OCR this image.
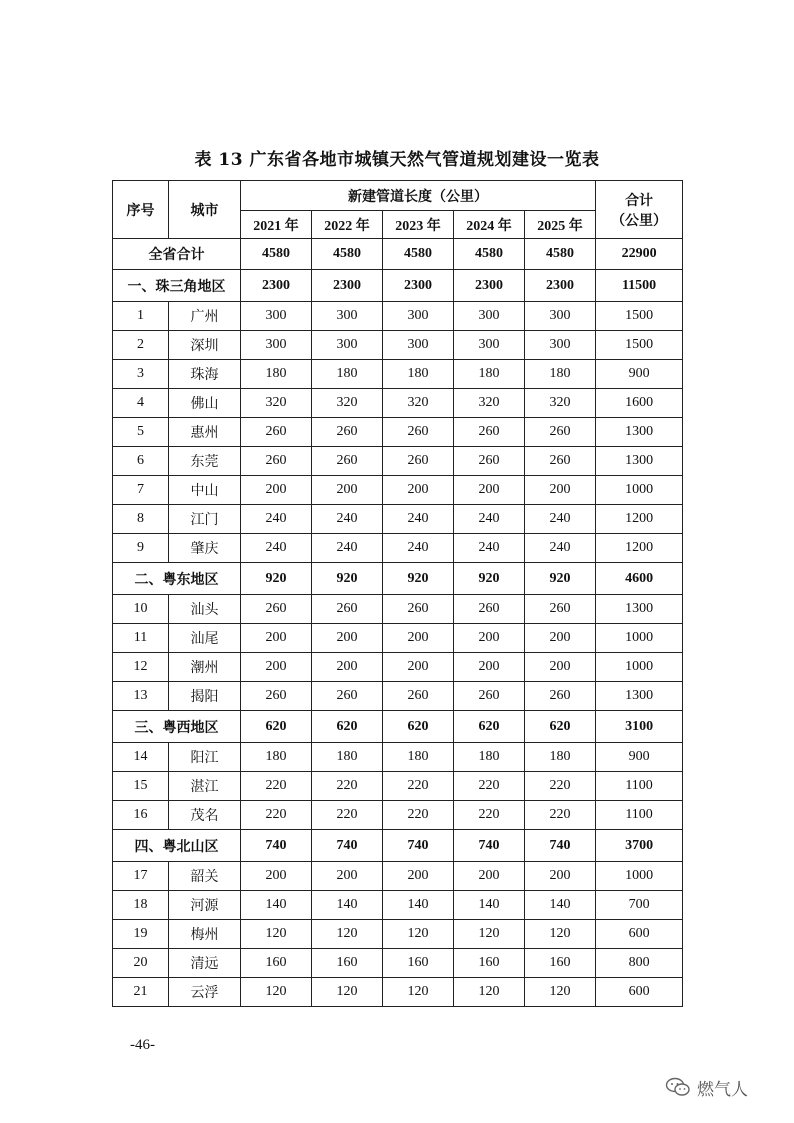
表 13 广东省各地市城镇天然气管道规划建设一览表
序号	城市	新建管道长度（公里）					合计
（公里）
		2021 年	2022 年	2023 年	2024 年	2025 年	
全省合计		4580	4580	4580	4580	4580	22900
一、珠三角地区		2300	2300	2300	2300	2300	11500
1	广州	300	300	300	300	300	1500
2	深圳	300	300	300	300	300	1500
3	珠海	180	180	180	180	180	900
4	佛山	320	320	320	320	320	1600
5	惠州	260	260	260	260	260	1300
6	东莞	260	260	260	260	260	1300
7	中山	200	200	200	200	200	1000
8	江门	240	240	240	240	240	1200
9	肇庆	240	240	240	240	240	1200
二、粤东地区		920	920	920	920	920	4600
10	汕头	260	260	260	260	260	1300
11	汕尾	200	200	200	200	200	1000
12	潮州	200	200	200	200	200	1000
13	揭阳	260	260	260	260	260	1300
三、粤西地区		620	620	620	620	620	3100
14	阳江	180	180	180	180	180	900
15	湛江	220	220	220	220	220	1100
16	茂名	220	220	220	220	220	1100
四、粤北山区		740	740	740	740	740	3700
17	韶关	200	200	200	200	200	1000
18	河源	140	140	140	140	140	700
19	梅州	120	120	120	120	120	600
20	清远	160	160	160	160	160	800
21	云浮	120	120	120	120	120	600
-46-
燃气人
